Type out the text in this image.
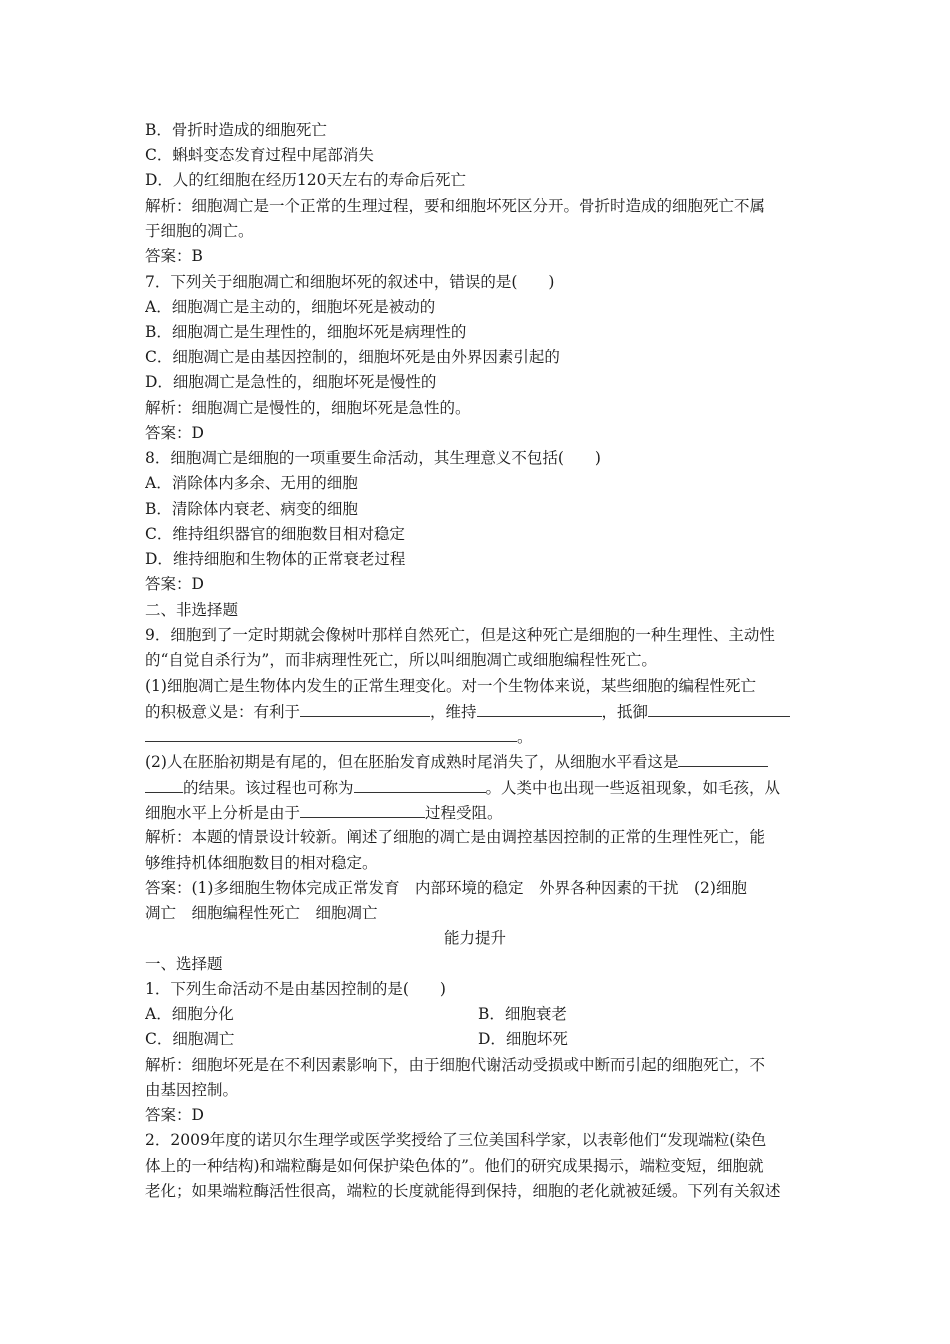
B．骨折时造成的细胞死亡
C．蝌蚪变态发育过程中尾部消失
D．人的红细胞在经历120天左右的寿命后死亡
解析：细胞凋亡是一个正常的生理过程，要和细胞坏死区分开。骨折时造成的细胞死亡不属
于细胞的凋亡。
答案：B
7．下列关于细胞凋亡和细胞坏死的叙述中，错误的是(　　)
A．细胞凋亡是主动的，细胞坏死是被动的
B．细胞凋亡是生理性的，细胞坏死是病理性的
C．细胞凋亡是由基因控制的，细胞坏死是由外界因素引起的
D．细胞凋亡是急性的，细胞坏死是慢性的
解析：细胞凋亡是慢性的，细胞坏死是急性的。
答案：D
8．细胞凋亡是细胞的一项重要生命活动，其生理意义不包括(　　)
A．消除体内多余、无用的细胞
B．清除体内衰老、病变的细胞
C．维持组织器官的细胞数目相对稳定
D．维持细胞和生物体的正常衰老过程
答案：D
二、非选择题
9．细胞到了一定时期就会像树叶那样自然死亡，但是这种死亡是细胞的一种生理性、主动性
的“自觉自杀行为”，而非病理性死亡，所以叫细胞凋亡或细胞编程性死亡。
(1)细胞凋亡是生物体内发生的正常生理变化。对一个生物体来说，某些细胞的编程性死亡
的积极意义是：有利于	，维持	，抵御
。
(2)人在胚胎初期是有尾的，但在胚胎发育成熟时尾消失了，从细胞水平看这是
的结果。该过程也可称为	。人类中也出现一些返祖现象，如毛孩，从
细胞水平上分析是由于	过程受阻。
解析：本题的情景设计较新。阐述了细胞的凋亡是由调控基因控制的正常的生理性死亡，能
够维持机体细胞数目的相对稳定。
答案：(1)多细胞生物体完成正常发育　内部环境的稳定　外界各种因素的干扰　(2)细胞
凋亡　细胞编程性死亡　细胞凋亡
能力提升
一、选择题
1．下列生命活动不是由基因控制的是(　　)
A．细胞分化	B．细胞衰老
C．细胞凋亡	D．细胞坏死
解析：细胞坏死是在不利因素影响下，由于细胞代谢活动受损或中断而引起的细胞死亡，不
由基因控制。
答案：D
2．2009年度的诺贝尔生理学或医学奖授给了三位美国科学家，以表彰他们“发现端粒(染色
体上的一种结构)和端粒酶是如何保护染色体的”。他们的研究成果揭示，端粒变短，细胞就
老化；如果端粒酶活性很高，端粒的长度就能得到保持，细胞的老化就被延缓。下列有关叙述
